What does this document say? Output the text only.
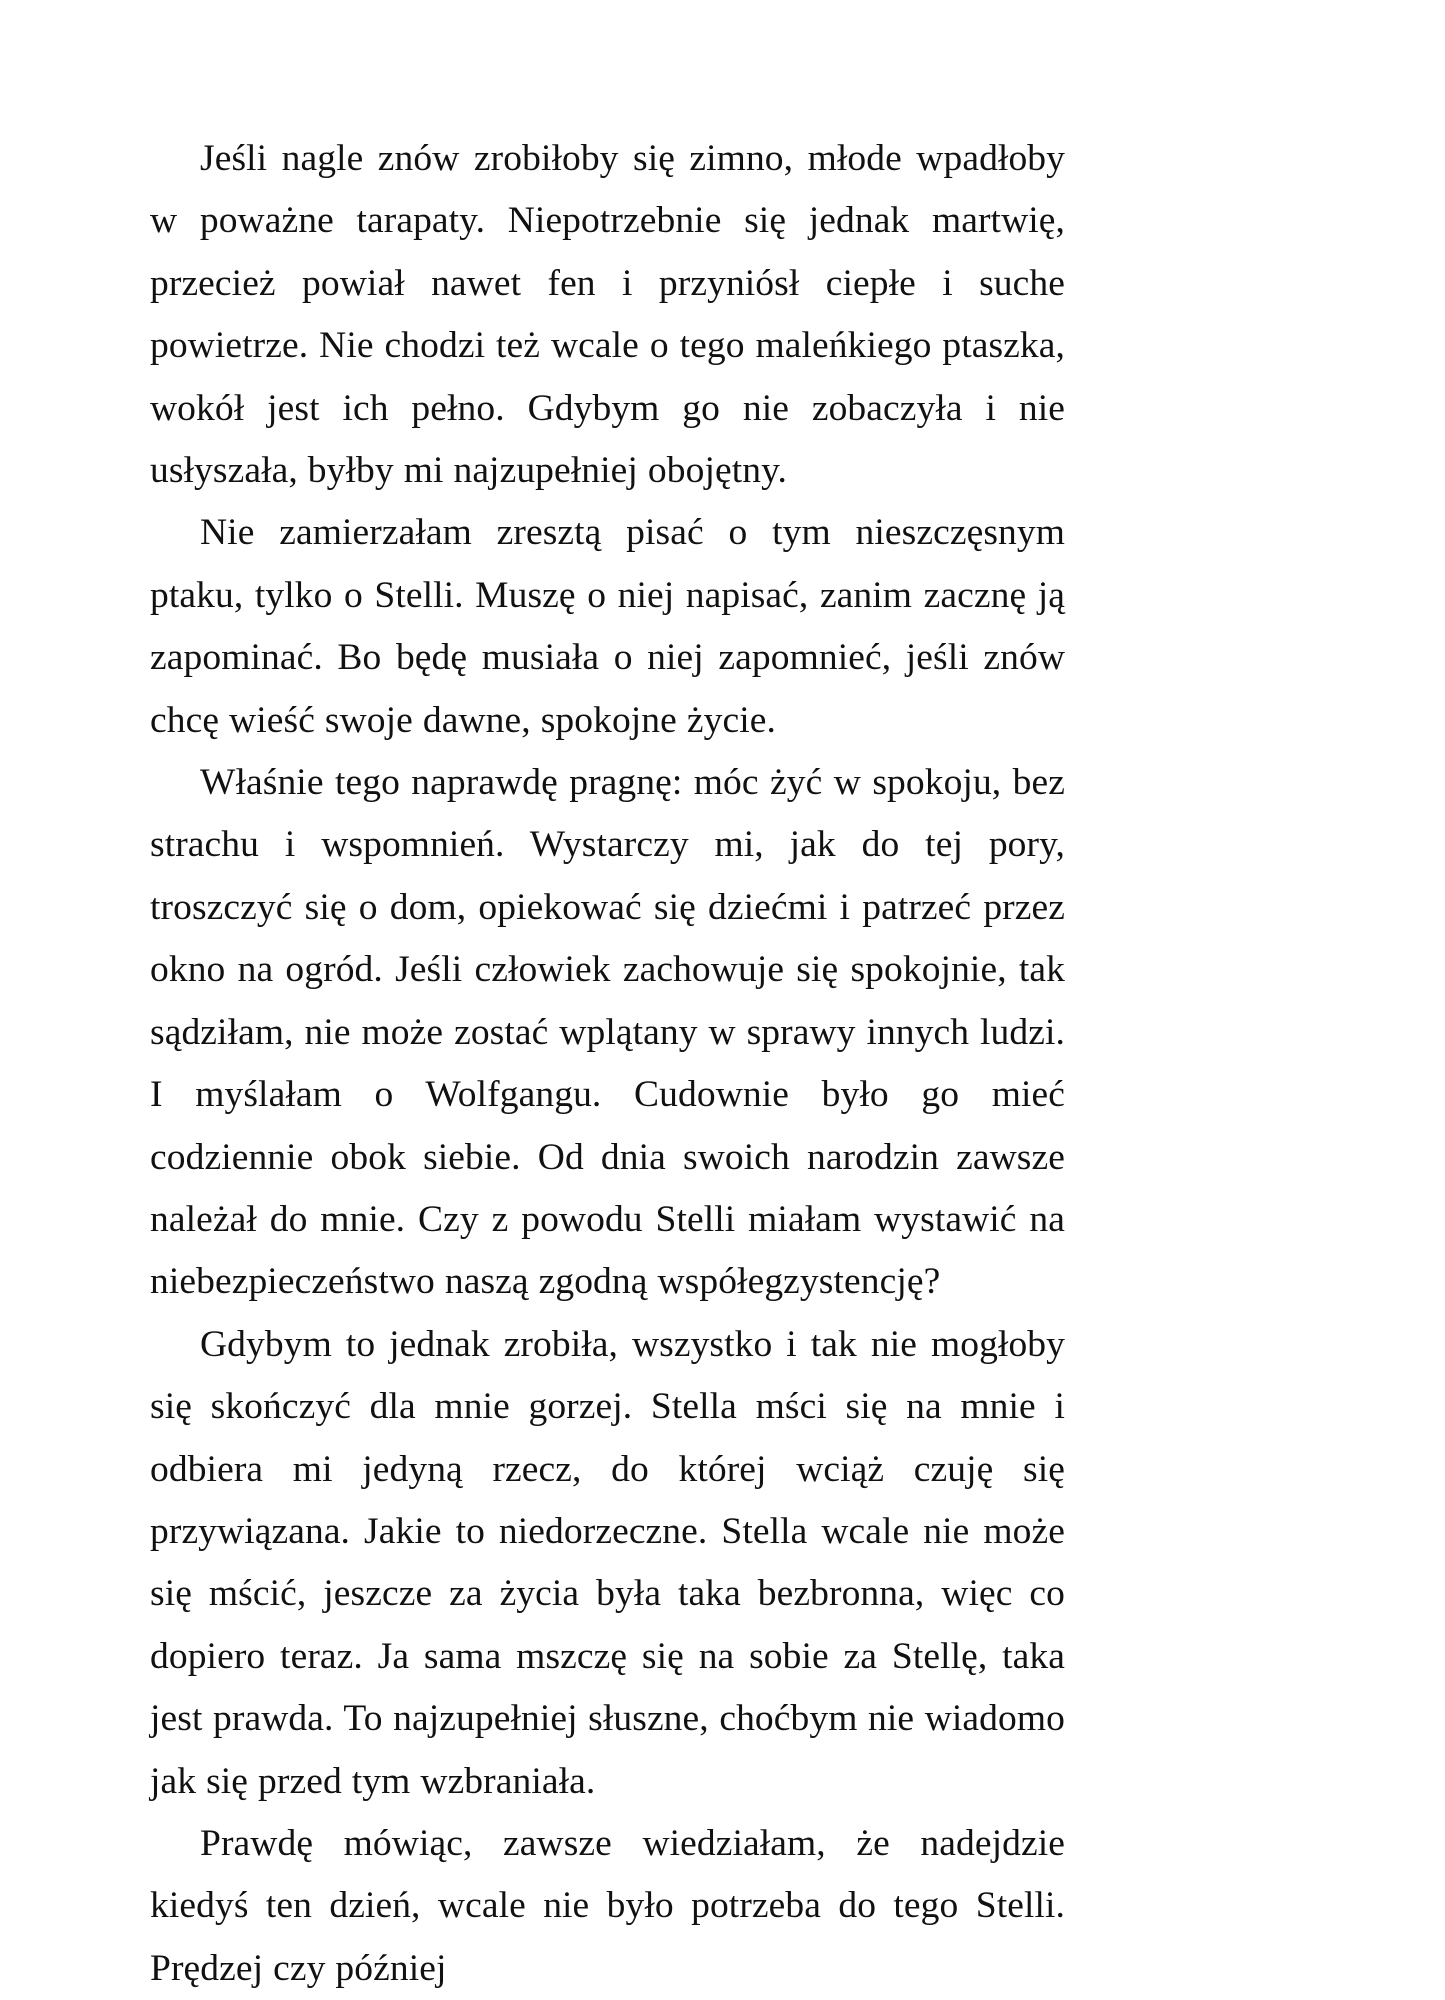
Jeśli nagle znów zrobiłoby się zimno, młode wpadłoby w poważne tarapaty. Niepotrzebnie się jednak martwię, przecież powiał nawet fen i przyniósł ciepłe i suche powietrze. Nie chodzi też wcale o tego maleńkiego ptaszka, wokół jest ich pełno. Gdybym go nie zobaczyła i nie usłyszała, byłby mi najzupełniej obojętny.

Nie zamierzałam zresztą pisać o tym nieszczęsnym ptaku, tylko o Stelli. Muszę o niej napisać, zanim zacznę ją zapominać. Bo będę musiała o niej zapomnieć, jeśli znów chcę wieść swoje dawne, spokojne życie.

Właśnie tego naprawdę pragnę: móc żyć w spokoju, bez strachu i wspomnień. Wystarczy mi, jak do tej pory, troszczyć się o dom, opiekować się dziećmi i patrzeć przez okno na ogród. Jeśli człowiek zachowuje się spokojnie, tak sądziłam, nie może zostać wplątany w sprawy innych ludzi. I myślałam o Wolfgangu. Cudownie było go mieć codziennie obok siebie. Od dnia swoich narodzin zawsze należał do mnie. Czy z powodu Stelli miałam wystawić na niebezpieczeństwo naszą zgodną współegzystencję?

Gdybym to jednak zrobiła, wszystko i tak nie mogłoby się skończyć dla mnie gorzej. Stella mści się na mnie i odbiera mi jedyną rzecz, do której wciąż czuję się przywiązana. Jakie to niedorzeczne. Stella wcale nie może się mścić, jeszcze za życia była taka bezbronna, więc co dopiero teraz. Ja sama mszczę się na sobie za Stellę, taka jest prawda. To najzupełniej słuszne, choćbym nie wiadomo jak się przed tym wzbraniała.

Prawdę mówiąc, zawsze wiedziałam, że nadejdzie kiedyś ten dzień, wcale nie było potrzeba do tego Stelli. Prędzej czy później
